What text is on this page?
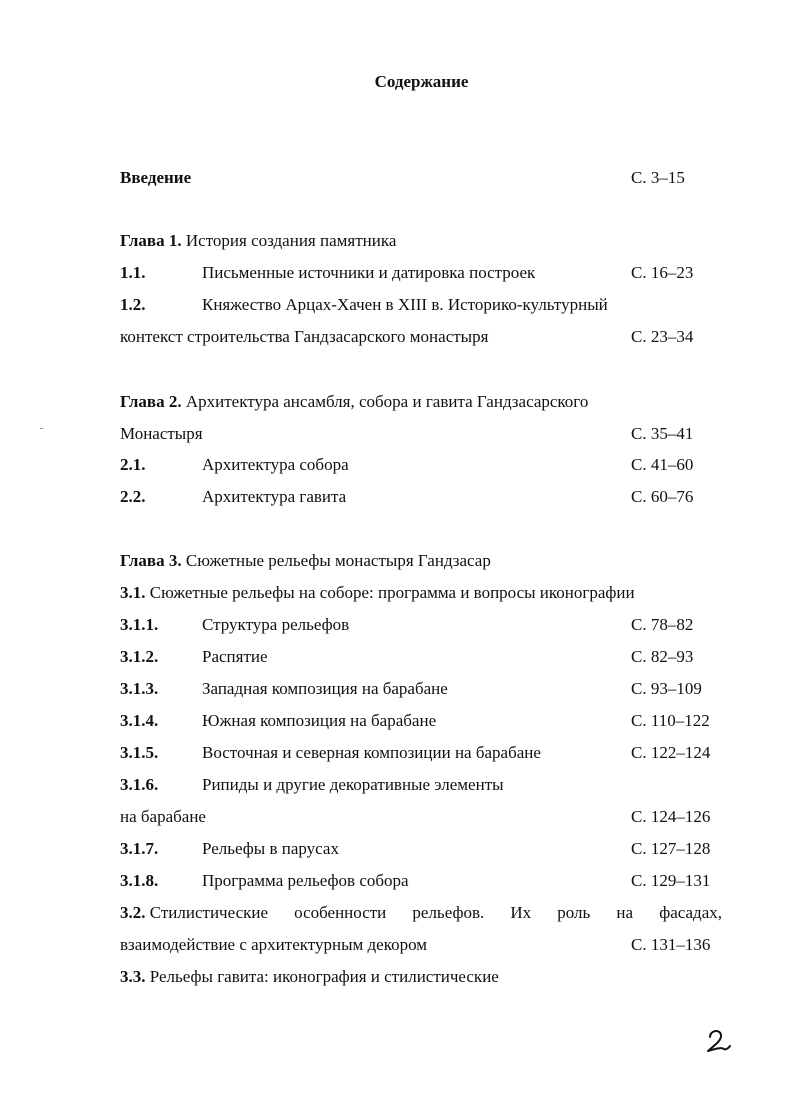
Содержание
Введение	С. 3–15
Глава 1. История создания памятника
1.1.	Письменные источники и датировка построек	С. 16–23
1.2.	Княжество Арцах-Хачен в XIII в. Историко-культурный
контекст строительства Гандзасарского монастыря	С. 23–34
Глава 2. Архитектура ансамбля, собора и гавита Гандзасарского
Монастыря	С. 35–41
2.1.	Архитектура собора	С. 41–60
2.2.	Архитектура гавита	С. 60–76
Глава 3. Сюжетные рельефы монастыря Гандзасар
3.1. Сюжетные рельефы на соборе: программа и вопросы иконографии
3.1.1.	Структура рельефов	С. 78–82
3.1.2.	Распятие	С. 82–93
3.1.3.	Западная композиция на барабане	С. 93–109
3.1.4.	Южная композиция на барабане	С. 110–122
3.1.5.	Восточная и северная композиции на барабане	С. 122–124
3.1.6.	Рипиды и другие декоративные элементы
на барабане	С. 124–126
3.1.7.	Рельефы в парусах	С. 127–128
3.1.8.	Программа рельефов собора	С. 129–131
3.2. Стилистические особенности рельефов. Их роль на фасадах,
взаимодействие с архитектурным декором	С. 131–136
3.3. Рельефы гавита: иконография и стилистические
